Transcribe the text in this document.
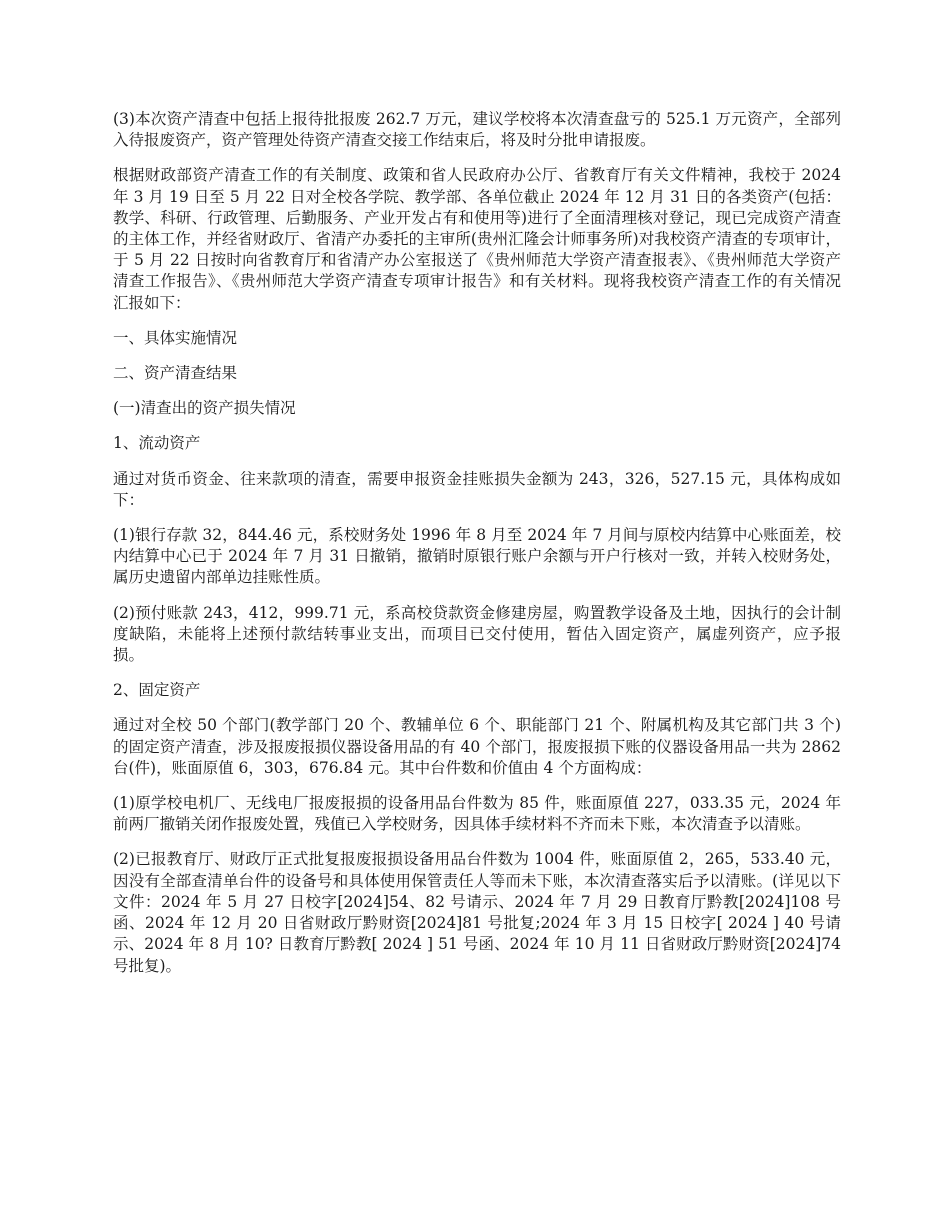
(3)本次资产清查中包括上报待批报废 262.7 万元，建议学校将本次清查盘亏的 525.1 万元资产，全部列入待报废资产，资产管理处待资产清查交接工作结束后，将及时分批申请报废。

根据财政部资产清查工作的有关制度、政策和省人民政府办公厅、省教育厅有关文件精神，我校于 2024 年 3 月 19 日至 5 月 22 日对全校各学院、教学部、各单位截止 2024 年 12 月 31 日的各类资产(包括：教学、科研、行政管理、后勤服务、产业开发占有和使用等)进行了全面清理核对登记，现已完成资产清查的主体工作，并经省财政厅、省清产办委托的主审所(贵州汇隆会计师事务所)对我校资产清查的专项审计，于 5 月 22 日按时向省教育厅和省清产办公室报送了《贵州师范大学资产清查报表》、《贵州师范大学资产清查工作报告》、《贵州师范大学资产清查专项审计报告》和有关材料。现将我校资产清查工作的有关情况汇报如下：

一、具体实施情况

二、资产清查结果

(一)清查出的资产损失情况

1、流动资产

通过对货币资金、往来款项的清查，需要申报资金挂账损失金额为 243，326，527.15 元，具体构成如下：

(1)银行存款 32，844.46 元，系校财务处 1996 年 8 月至 2024 年 7 月间与原校内结算中心账面差，校内结算中心已于 2024 年 7 月 31 日撤销，撤销时原银行账户余额与开户行核对一致，并转入校财务处，属历史遗留内部单边挂账性质。

(2)预付账款 243，412，999.71 元，系高校贷款资金修建房屋，购置教学设备及土地，因执行的会计制度缺陷，未能将上述预付款结转事业支出，而项目已交付使用，暂估入固定资产，属虚列资产，应予报损。

2、固定资产

通过对全校 50 个部门(教学部门 20 个、教辅单位 6 个、职能部门 21 个、附属机构及其它部门共 3 个)的固定资产清查，涉及报废报损仪器设备用品的有 40 个部门，报废报损下账的仪器设备用品一共为 2862 台(件)，账面原值 6，303，676.84 元。其中台件数和价值由 4 个方面构成：

(1)原学校电机厂、无线电厂报废报损的设备用品台件数为 85 件，账面原值 227，033.35 元，2024 年前两厂撤销关闭作报废处置，残值已入学校财务，因具体手续材料不齐而未下账，本次清查予以清账。

(2)已报教育厅、财政厅正式批复报废报损设备用品台件数为 1004 件，账面原值 2，265，533.40 元，因没有全部查清单台件的设备号和具体使用保管责任人等而未下账，本次清查落实后予以清账。(详见以下文件：2024 年 5 月 27 日校字[2024]54、82 号请示、2024 年 7 月 29 日教育厅黔教[2024]108 号函、2024 年 12 月 20 日省财政厅黔财资[2024]81 号批复;2024 年 3 月 15 日校字[ 2024 ] 40 号请示、2024 年 8 月 10? 日教育厅黔教[ 2024 ] 51 号函、2024 年 10 月 11 日省财政厅黔财资[2024]74 号批复)。
